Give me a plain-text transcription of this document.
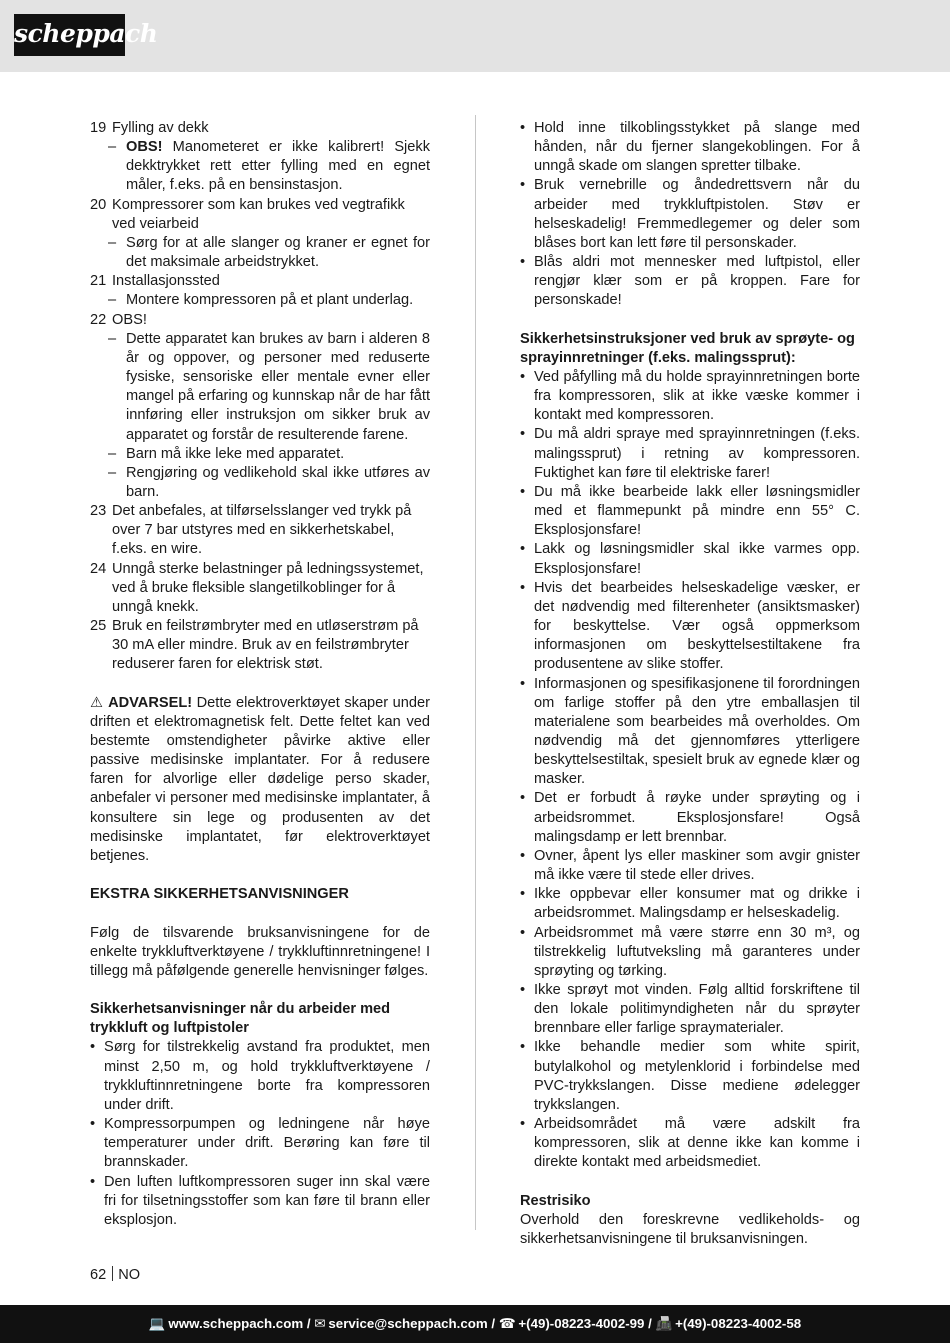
scheppach
19 Fylling av dekk
– OBS! Manometeret er ikke kalibrert! Sjekk dekktrykket rett etter fylling med en egnet måler, f.eks. på en bensinstasjon.
20 Kompressorer som kan brukes ved vegtrafikk ved veiarbeid
– Sørg for at alle slanger og kraner er egnet for det maksimale arbeidstrykket.
21 Installasjonssted
– Montere kompressoren på et plant underlag.
22 OBS!
– Dette apparatet kan brukes av barn i alderen 8 år og oppover, og personer med reduserte fysiske, sensoriske eller mentale evner eller mangel på erfaring og kunnskap når de har fått innføring eller instruksjon om sikker bruk av apparatet og forstår de resulterende farene.
– Barn må ikke leke med apparatet.
– Rengjøring og vedlikehold skal ikke utføres av barn.
23 Det anbefales, at tilførselsslanger ved trykk på over 7 bar utstyres med en sikkerhetskabel, f.eks. en wire.
24 Unngå sterke belastninger på ledningssystemet, ved å bruke fleksible slangetilkoblinger for å unngå knekk.
25 Bruk en feilstrømbryter med en utløserstrøm på 30 mA eller mindre. Bruk av en feilstrømbryter reduserer faren for elektrisk støt.
⚠ ADVARSEL! Dette elektroverktøyet skaper under driften et elektromagnetisk felt. Dette feltet kan ved bestemte omstendigheter påvirke aktive eller passive medisinske implantater. For å redusere faren for alvorlige eller dødelige perso skader, anbefaler vi personer med medisinske implantater, å konsultere sin lege og produsenten av det medisinske implantatet, før elektroverktøyet betjenes.
EKSTRA SIKKERHETSANVISNINGER
Følg de tilsvarende bruksanvisningene for de enkelte trykkluftverktøyene / trykkluftinnretningene! I tillegg må påfølgende generelle henvisninger følges.
Sikkerhetsanvisninger når du arbeider med trykkluft og luftpistoler
• Sørg for tilstrekkelig avstand fra produktet, men minst 2,50 m, og hold trykkluftverktøyene / trykkluftinnretningene borte fra kompressoren under drift.
• Kompressorpumpen og ledningene når høye temperaturer under drift. Berøring kan føre til brannskader.
• Den luften luftkompressoren suger inn skal være fri for tilsetningsstoffer som kan føre til brann eller eksplosjon.
• Hold inne tilkoblingsstykket på slange med hånden, når du fjerner slangekoblingen. For å unngå skade om slangen spretter tilbake.
• Bruk vernebrille og åndedrettsvern når du arbeider med trykkluftpistolen. Støv er helseskadelig! Fremmedlegemer og deler som blåses bort kan lett føre til personskader.
• Blås aldri mot mennesker med luftpistol, eller rengjør klær som er på kroppen. Fare for personskade!
Sikkerhetsinstruksjoner ved bruk av sprøyte- og sprayinnretninger (f.eks. malingssprut):
• Ved påfylling må du holde sprayinnretningen borte fra kompressoren, slik at ikke væske kommer i kontakt med kompressoren.
• Du må aldri spraye med sprayinnretningen (f.eks. malingssprut) i retning av kompressoren. Fuktighet kan føre til elektriske farer!
• Du må ikke bearbeide lakk eller løsningsmidler med et flammepunkt på mindre enn 55° C. Eksplosjonsfare!
• Lakk og løsningsmidler skal ikke varmes opp. Eksplosjonsfare!
• Hvis det bearbeides helseskadelige væsker, er det nødvendig med filterenheter (ansiktsmasker) for beskyttelse. Vær også oppmerksom informasjonen om beskyttelsestiltakene fra produsentene av slike stoffer.
• Informasjonen og spesifikasjonene til forordningen om farlige stoffer på den ytre emballasjen til materialene som bearbeides må overholdes. Om nødvendig må det gjennomføres ytterligere beskyttelsestiltak, spesielt bruk av egnede klær og masker.
• Det er forbudt å røyke under sprøyting og i arbeidsrommet. Eksplosjonsfare! Også malingsdamp er lett brennbar.
• Ovner, åpent lys eller maskiner som avgir gnister må ikke være til stede eller drives.
• Ikke oppbevar eller konsumer mat og drikke i arbeidsrommet. Malingsdamp er helseskadelig.
• Arbeidsrommet må være større enn 30 m³, og tilstrekkelig luftutveksling må garanteres under sprøyting og tørking.
• Ikke sprøyt mot vinden. Følg alltid forskriftene til den lokale politimyndigheten når du sprøyter brennbare eller farlige spraymaterialer.
• Ikke behandle medier som white spirit, butylalkohol og metylenklorid i forbindelse med PVC-trykkslangen. Disse mediene ødelegger trykkslangen.
• Arbeidsområdet må være adskilt fra kompressoren, slik at denne ikke kan komme i direkte kontakt med arbeidsmediet.
Restrisiko
Overhold den foreskrevne vedlikeholds- og sikkerhetsanvisningene til bruksanvisningen.
62 NO
💻 www.scheppach.com / ✉ service@scheppach.com / ☎ +(49)-08223-4002-99 / 📠 +(49)-08223-4002-58
